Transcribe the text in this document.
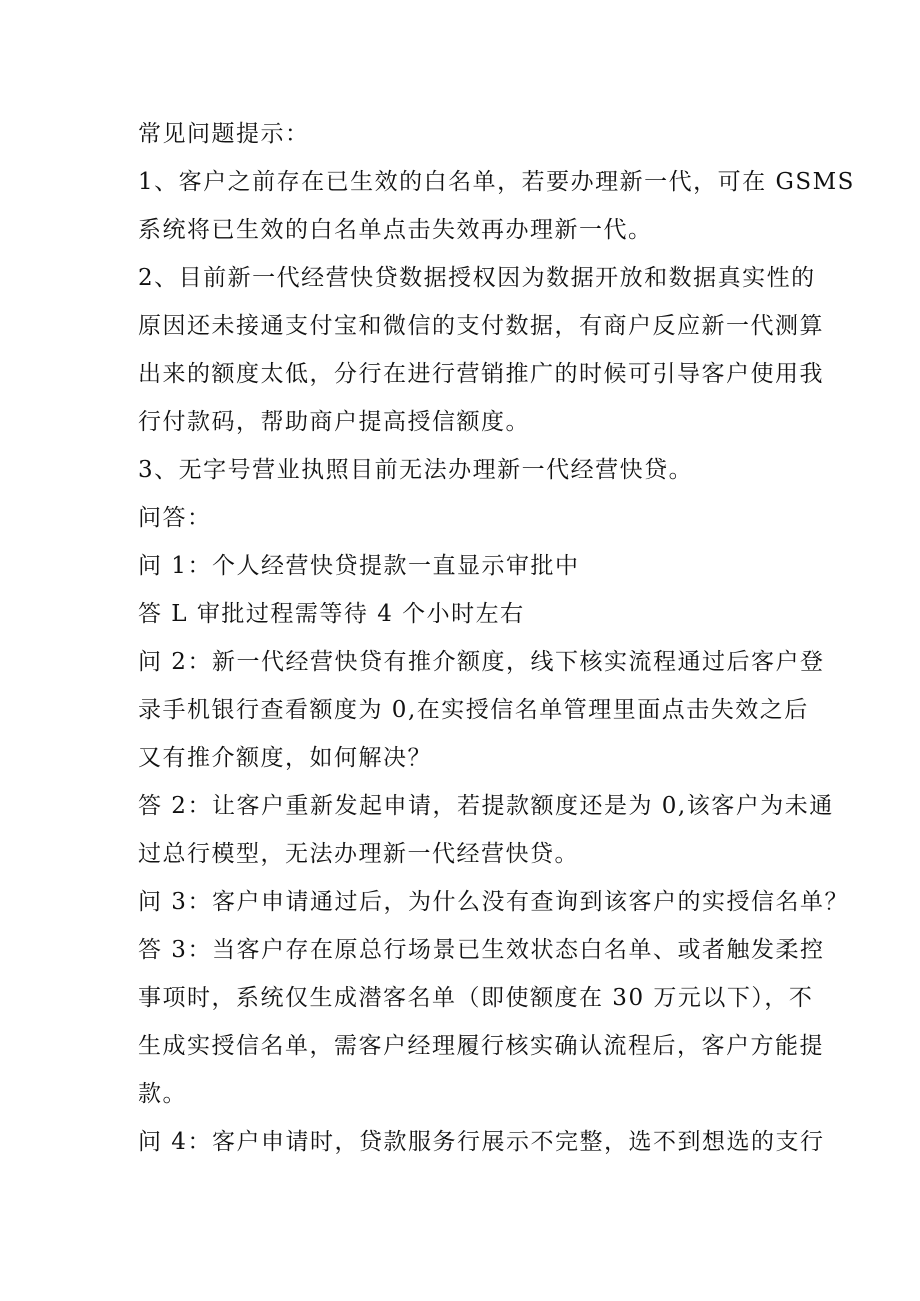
常见问题提示：

1、客户之前存在已生效的白名单，若要办理新一代，可在 GSMS

系统将已生效的白名单点击失效再办理新一代。

2、目前新一代经营快贷数据授权因为数据开放和数据真实性的

原因还未接通支付宝和微信的支付数据，有商户反应新一代测算

出来的额度太低，分行在进行营销推广的时候可引导客户使用我

行付款码，帮助商户提高授信额度。

3、无字号营业执照目前无法办理新一代经营快贷。

问答：

问 1：个人经营快贷提款一直显示审批中

答 L 审批过程需等待 4 个小时左右

问 2：新一代经营快贷有推介额度，线下核实流程通过后客户登

录手机银行查看额度为 0,在实授信名单管理里面点击失效之后

又有推介额度，如何解决？

答 2：让客户重新发起申请，若提款额度还是为 0,该客户为未通

过总行模型，无法办理新一代经营快贷。

问 3：客户申请通过后，为什么没有查询到该客户的实授信名单？

答 3：当客户存在原总行场景已生效状态白名单、或者触发柔控

事项时，系统仅生成潜客名单（即使额度在 30 万元以下），不

生成实授信名单，需客户经理履行核实确认流程后，客户方能提

款。

问 4：客户申请时，贷款服务行展示不完整，选不到想选的支行
